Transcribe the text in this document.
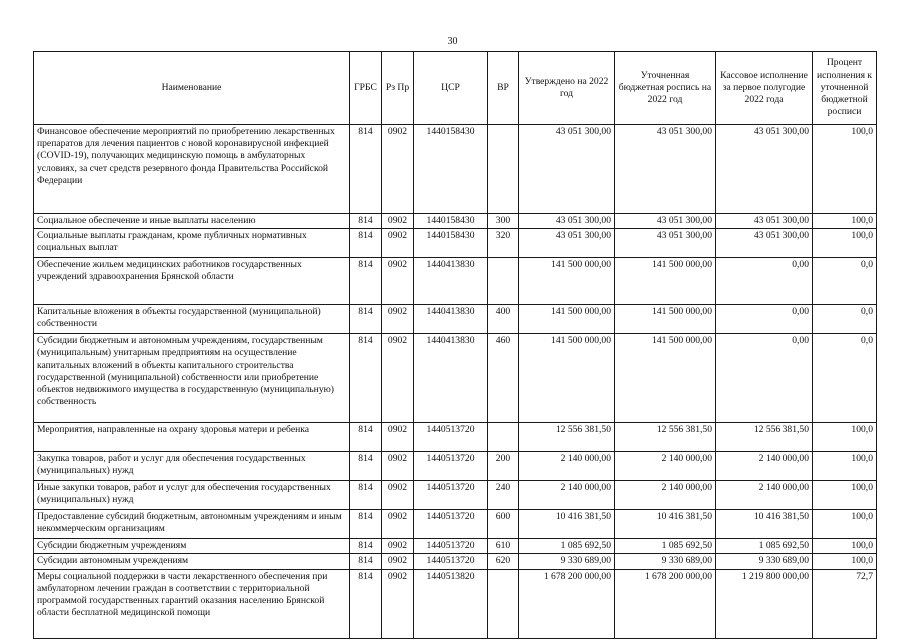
30
Наименование	ГРБС	Рз Пр	ЦСР	ВР	Утверждено на 2022 год	Уточненная бюджетная роспись на 2022 год	Кассовое исполнение за первое полугодие 2022 года	Процент исполнения к уточненной бюджетной росписи
Финансовое обеспечение мероприятий по приобретению лекарственных препаратов для лечения пациентов с новой коронавирусной инфекцией (COVID-19), получающих медицинскую помощь в амбулаторных условиях, за счет средств резервного фонда Правительства Российской Федерации	814	0902	1440158430		43 051 300,00	43 051 300,00	43 051 300,00	100,0
Социальное обеспечение и иные выплаты населению	814	0902	1440158430	300	43 051 300,00	43 051 300,00	43 051 300,00	100,0
Социальные выплаты гражданам, кроме публичных нормативных социальных выплат	814	0902	1440158430	320	43 051 300,00	43 051 300,00	43 051 300,00	100,0
Обеспечение жильем медицинских работников государственных учреждений здравоохранения Брянской области	814	0902	1440413830		141 500 000,00	141 500 000,00	0,00	0,0
Капитальные вложения в объекты государственной (муниципальной) собственности	814	0902	1440413830	400	141 500 000,00	141 500 000,00	0,00	0,0
Субсидии бюджетным и автономным учреждениям, государственным (муниципальным) унитарным предприятиям на осуществление капитальных вложений в объекты капитального строительства государственной (муниципальной) собственности или приобретение объектов недвижимого имущества в государственную (муниципальную) собственность	814	0902	1440413830	460	141 500 000,00	141 500 000,00	0,00	0,0
Мероприятия, направленные на охрану здоровья матери и ребенка	814	0902	1440513720		12 556 381,50	12 556 381,50	12 556 381,50	100,0
Закупка товаров, работ и услуг для обеспечения государственных (муниципальных) нужд	814	0902	1440513720	200	2 140 000,00	2 140 000,00	2 140 000,00	100,0
Иные закупки товаров, работ и услуг для обеспечения государственных (муниципальных) нужд	814	0902	1440513720	240	2 140 000,00	2 140 000,00	2 140 000,00	100,0
Предоставление субсидий бюджетным, автономным учреждениям и иным некоммерческим организациям	814	0902	1440513720	600	10 416 381,50	10 416 381,50	10 416 381,50	100,0
Субсидии бюджетным учреждениям	814	0902	1440513720	610	1 085 692,50	1 085 692,50	1 085 692,50	100,0
Субсидии автономным учреждениям	814	0902	1440513720	620	9 330 689,00	9 330 689,00	9 330 689,00	100,0
Меры социальной поддержки в части лекарственного обеспечения при амбулаторном лечении граждан в соответствии с территориальной программой государственных гарантий оказания населению Брянской области бесплатной медицинской помощи	814	0902	1440513820		1 678 200 000,00	1 678 200 000,00	1 219 800 000,00	72,7
